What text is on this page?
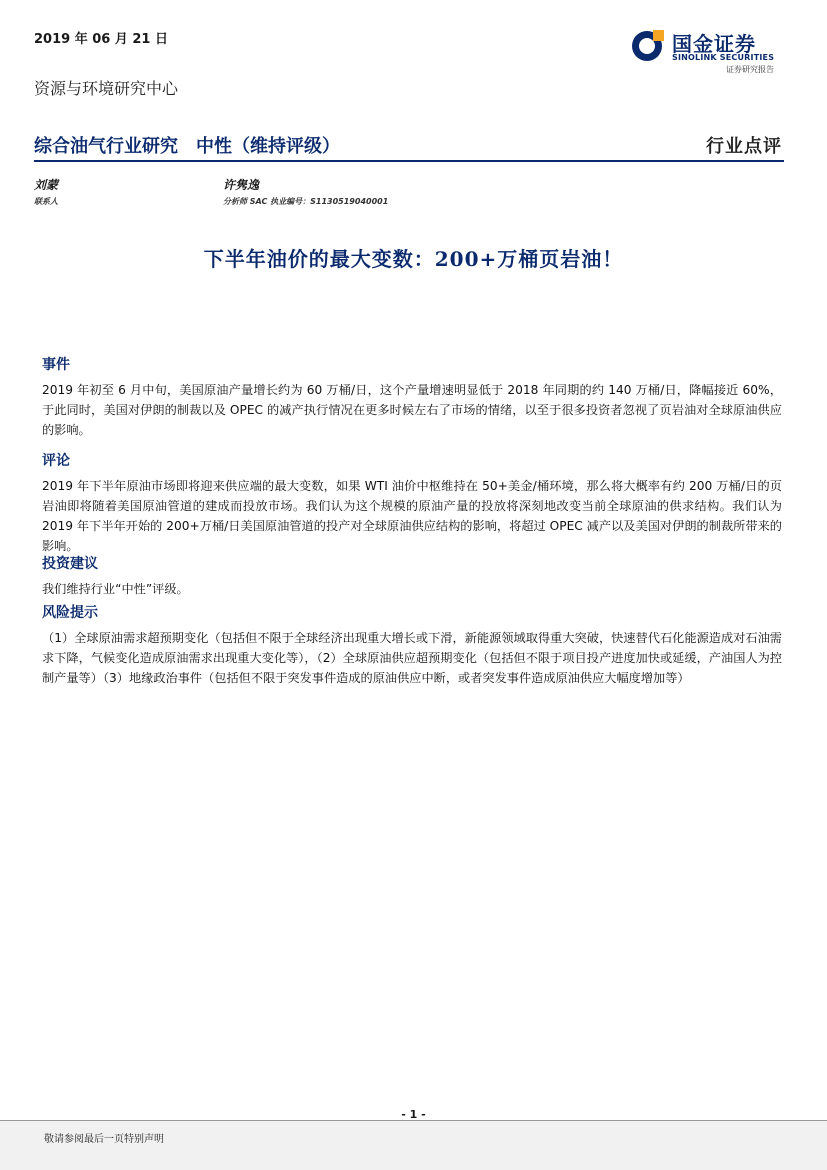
2019 年 06 月 21 日
资源与环境研究中心
国金证券
SINOLINK SECURITIES
证券研究报告
综合油气行业研究 中性（维持评级）	行业点评
刘蒙
联系人
许隽逸
分析师 SAC 执业编号：S1130519040001
下半年油价的最大变数：200+万桶页岩油！
事件

2019 年初至 6 月中旬，美国原油产量增长约为 60 万桶/日，这个产量增速明显低于 2018 年同期的约 140 万桶/日，降幅接近 60%，于此同时，美国对伊朗的制裁以及 OPEC 的减产执行情况在更多时候左右了市场的情绪，以至于很多投资者忽视了页岩油对全球原油供应的影响。

评论

2019 年下半年原油市场即将迎来供应端的最大变数，如果 WTI 油价中枢维持在 50+美金/桶环境，那么将大概率有约 200 万桶/日的页岩油即将随着美国原油管道的建成而投放市场。我们认为这个规模的原油产量的投放将深刻地改变当前全球原油的供求结构。我们认为 2019 年下半年开始的 200+万桶/日美国原油管道的投产对全球原油供应结构的影响，将超过 OPEC 减产以及美国对伊朗的制裁所带来的影响。

投资建议

我们维持行业“中性”评级。

风险提示

（1）全球原油需求超预期变化（包括但不限于全球经济出现重大增长或下滑，新能源领域取得重大突破，快速替代石化能源造成对石油需求下降，气候变化造成原油需求出现重大变化等），（2）全球原油供应超预期变化（包括但不限于项目投产进度加快或延缓，产油国人为控制产量等）（3）地缘政治事件（包括但不限于突发事件造成的原油供应中断，或者突发事件造成原油供应大幅度增加等）

- 1 -
敬请参阅最后一页特别声明
